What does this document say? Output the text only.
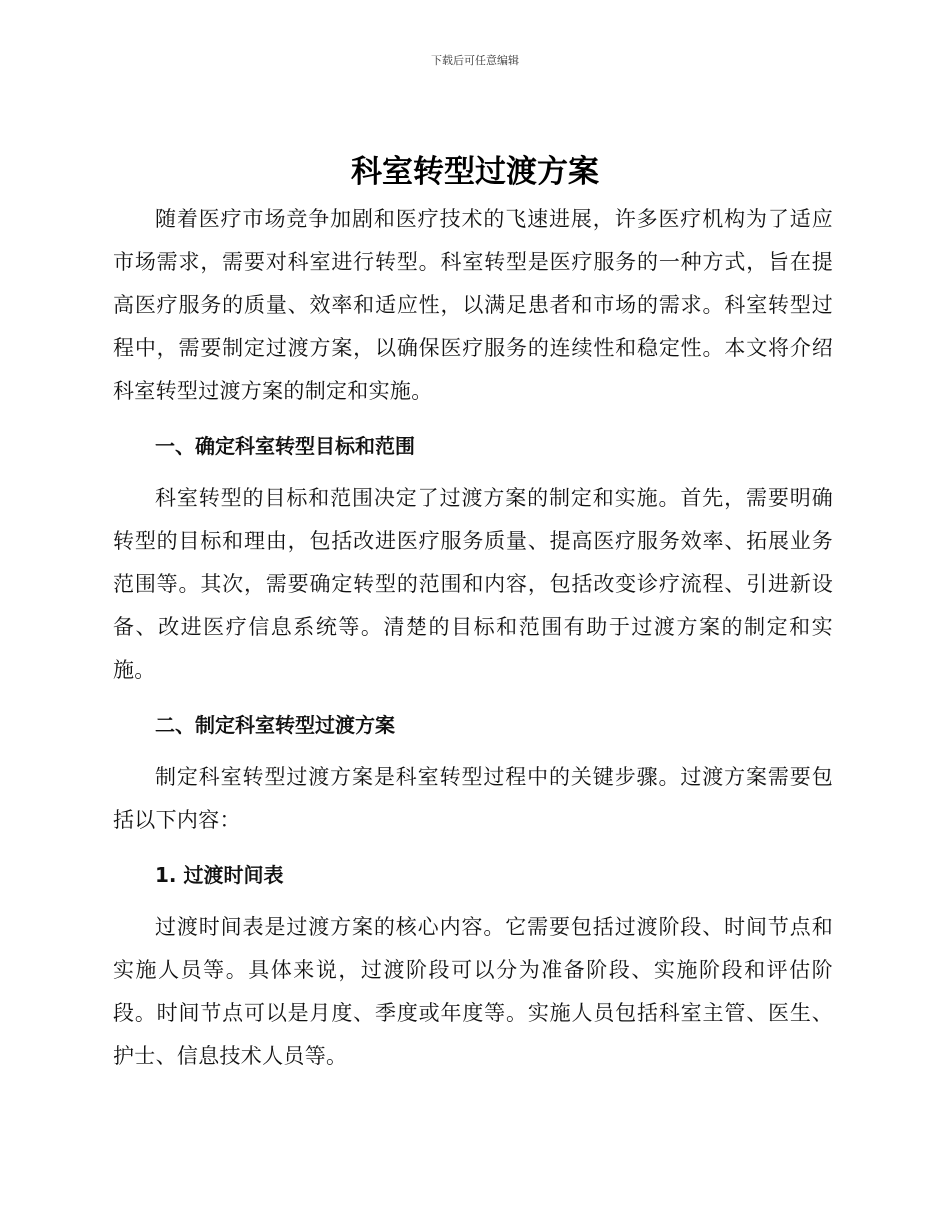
下载后可任意编辑
科室转型过渡方案

随着医疗市场竞争加剧和医疗技术的飞速进展，许多医疗机构为了适应市场需求，需要对科室进行转型。科室转型是医疗服务的一种方式，旨在提高医疗服务的质量、效率和适应性，以满足患者和市场的需求。科室转型过程中，需要制定过渡方案，以确保医疗服务的连续性和稳定性。本文将介绍科室转型过渡方案的制定和实施。

一、确定科室转型目标和范围

科室转型的目标和范围决定了过渡方案的制定和实施。首先，需要明确转型的目标和理由，包括改进医疗服务质量、提高医疗服务效率、拓展业务范围等。其次，需要确定转型的范围和内容，包括改变诊疗流程、引进新设备、改进医疗信息系统等。清楚的目标和范围有助于过渡方案的制定和实施。

二、制定科室转型过渡方案

制定科室转型过渡方案是科室转型过程中的关键步骤。过渡方案需要包括以下内容：

1. 过渡时间表

过渡时间表是过渡方案的核心内容。它需要包括过渡阶段、时间节点和实施人员等。具体来说，过渡阶段可以分为准备阶段、实施阶段和评估阶段。时间节点可以是月度、季度或年度等。实施人员包括科室主管、医生、护士、信息技术人员等。
